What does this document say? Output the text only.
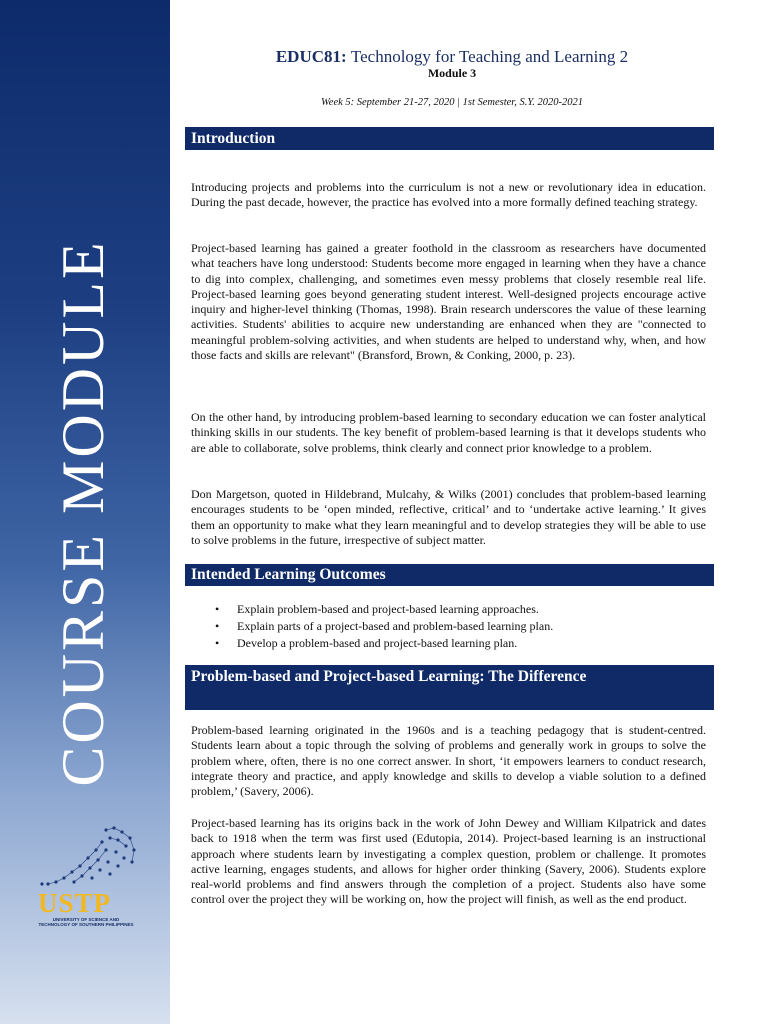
COURSE MODULE
USTP
UNIVERSITY OF SCIENCE AND TECHNOLOGY OF SOUTHERN PHILIPPINES
EDUC81: Technology for Teaching and Learning 2
Module 3
Week 5: September 21-27, 2020 | 1st Semester, S.Y. 2020-2021
Introduction

Introducing projects and problems into the curriculum is not a new or revolutionary idea in education. During the past decade, however, the practice has evolved into a more formally defined teaching strategy.

Project-based learning has gained a greater foothold in the classroom as researchers have documented what teachers have long understood: Students become more engaged in learning when they have a chance to dig into complex, challenging, and sometimes even messy problems that closely resemble real life. Project-based learning goes beyond generating student interest. Well-designed projects encourage active inquiry and higher-level thinking (Thomas, 1998). Brain research underscores the value of these learning activities. Students' abilities to acquire new understanding are enhanced when they are "connected to meaningful problem-solving activities, and when students are helped to understand why, when, and how those facts and skills are relevant" (Bransford, Brown, & Conking, 2000, p. 23).

On the other hand, by introducing problem-based learning to secondary education we can foster analytical thinking skills in our students. The key benefit of problem-based learning is that it develops students who are able to collaborate, solve problems, think clearly and connect prior knowledge to a problem.

Don Margetson, quoted in Hildebrand, Mulcahy, & Wilks (2001) concludes that problem-based learning encourages students to be ‘open minded, reflective, critical’ and to ‘undertake active learning.’ It gives them an opportunity to make what they learn meaningful and to develop strategies they will be able to use to solve problems in the future, irrespective of subject matter.

Intended Learning Outcomes
• Explain problem-based and project-based learning approaches.
• Explain parts of a project-based and problem-based learning plan.
• Develop a problem-based and project-based learning plan.
Problem-based and Project-based Learning: The Difference

Problem-based learning originated in the 1960s and is a teaching pedagogy that is student-centred. Students learn about a topic through the solving of problems and generally work in groups to solve the problem where, often, there is no one correct answer. In short, ‘it empowers learners to conduct research, integrate theory and practice, and apply knowledge and skills to develop a viable solution to a defined problem,’ (Savery, 2006).

Project-based learning has its origins back in the work of John Dewey and William Kilpatrick and dates back to 1918 when the term was first used (Edutopia, 2014). Project-based learning is an instructional approach where students learn by investigating a complex question, problem or challenge. It promotes active learning, engages students, and allows for higher order thinking (Savery, 2006). Students explore real-world problems and find answers through the completion of a project. Students also have some control over the project they will be working on, how the project will finish, as well as the end product.
